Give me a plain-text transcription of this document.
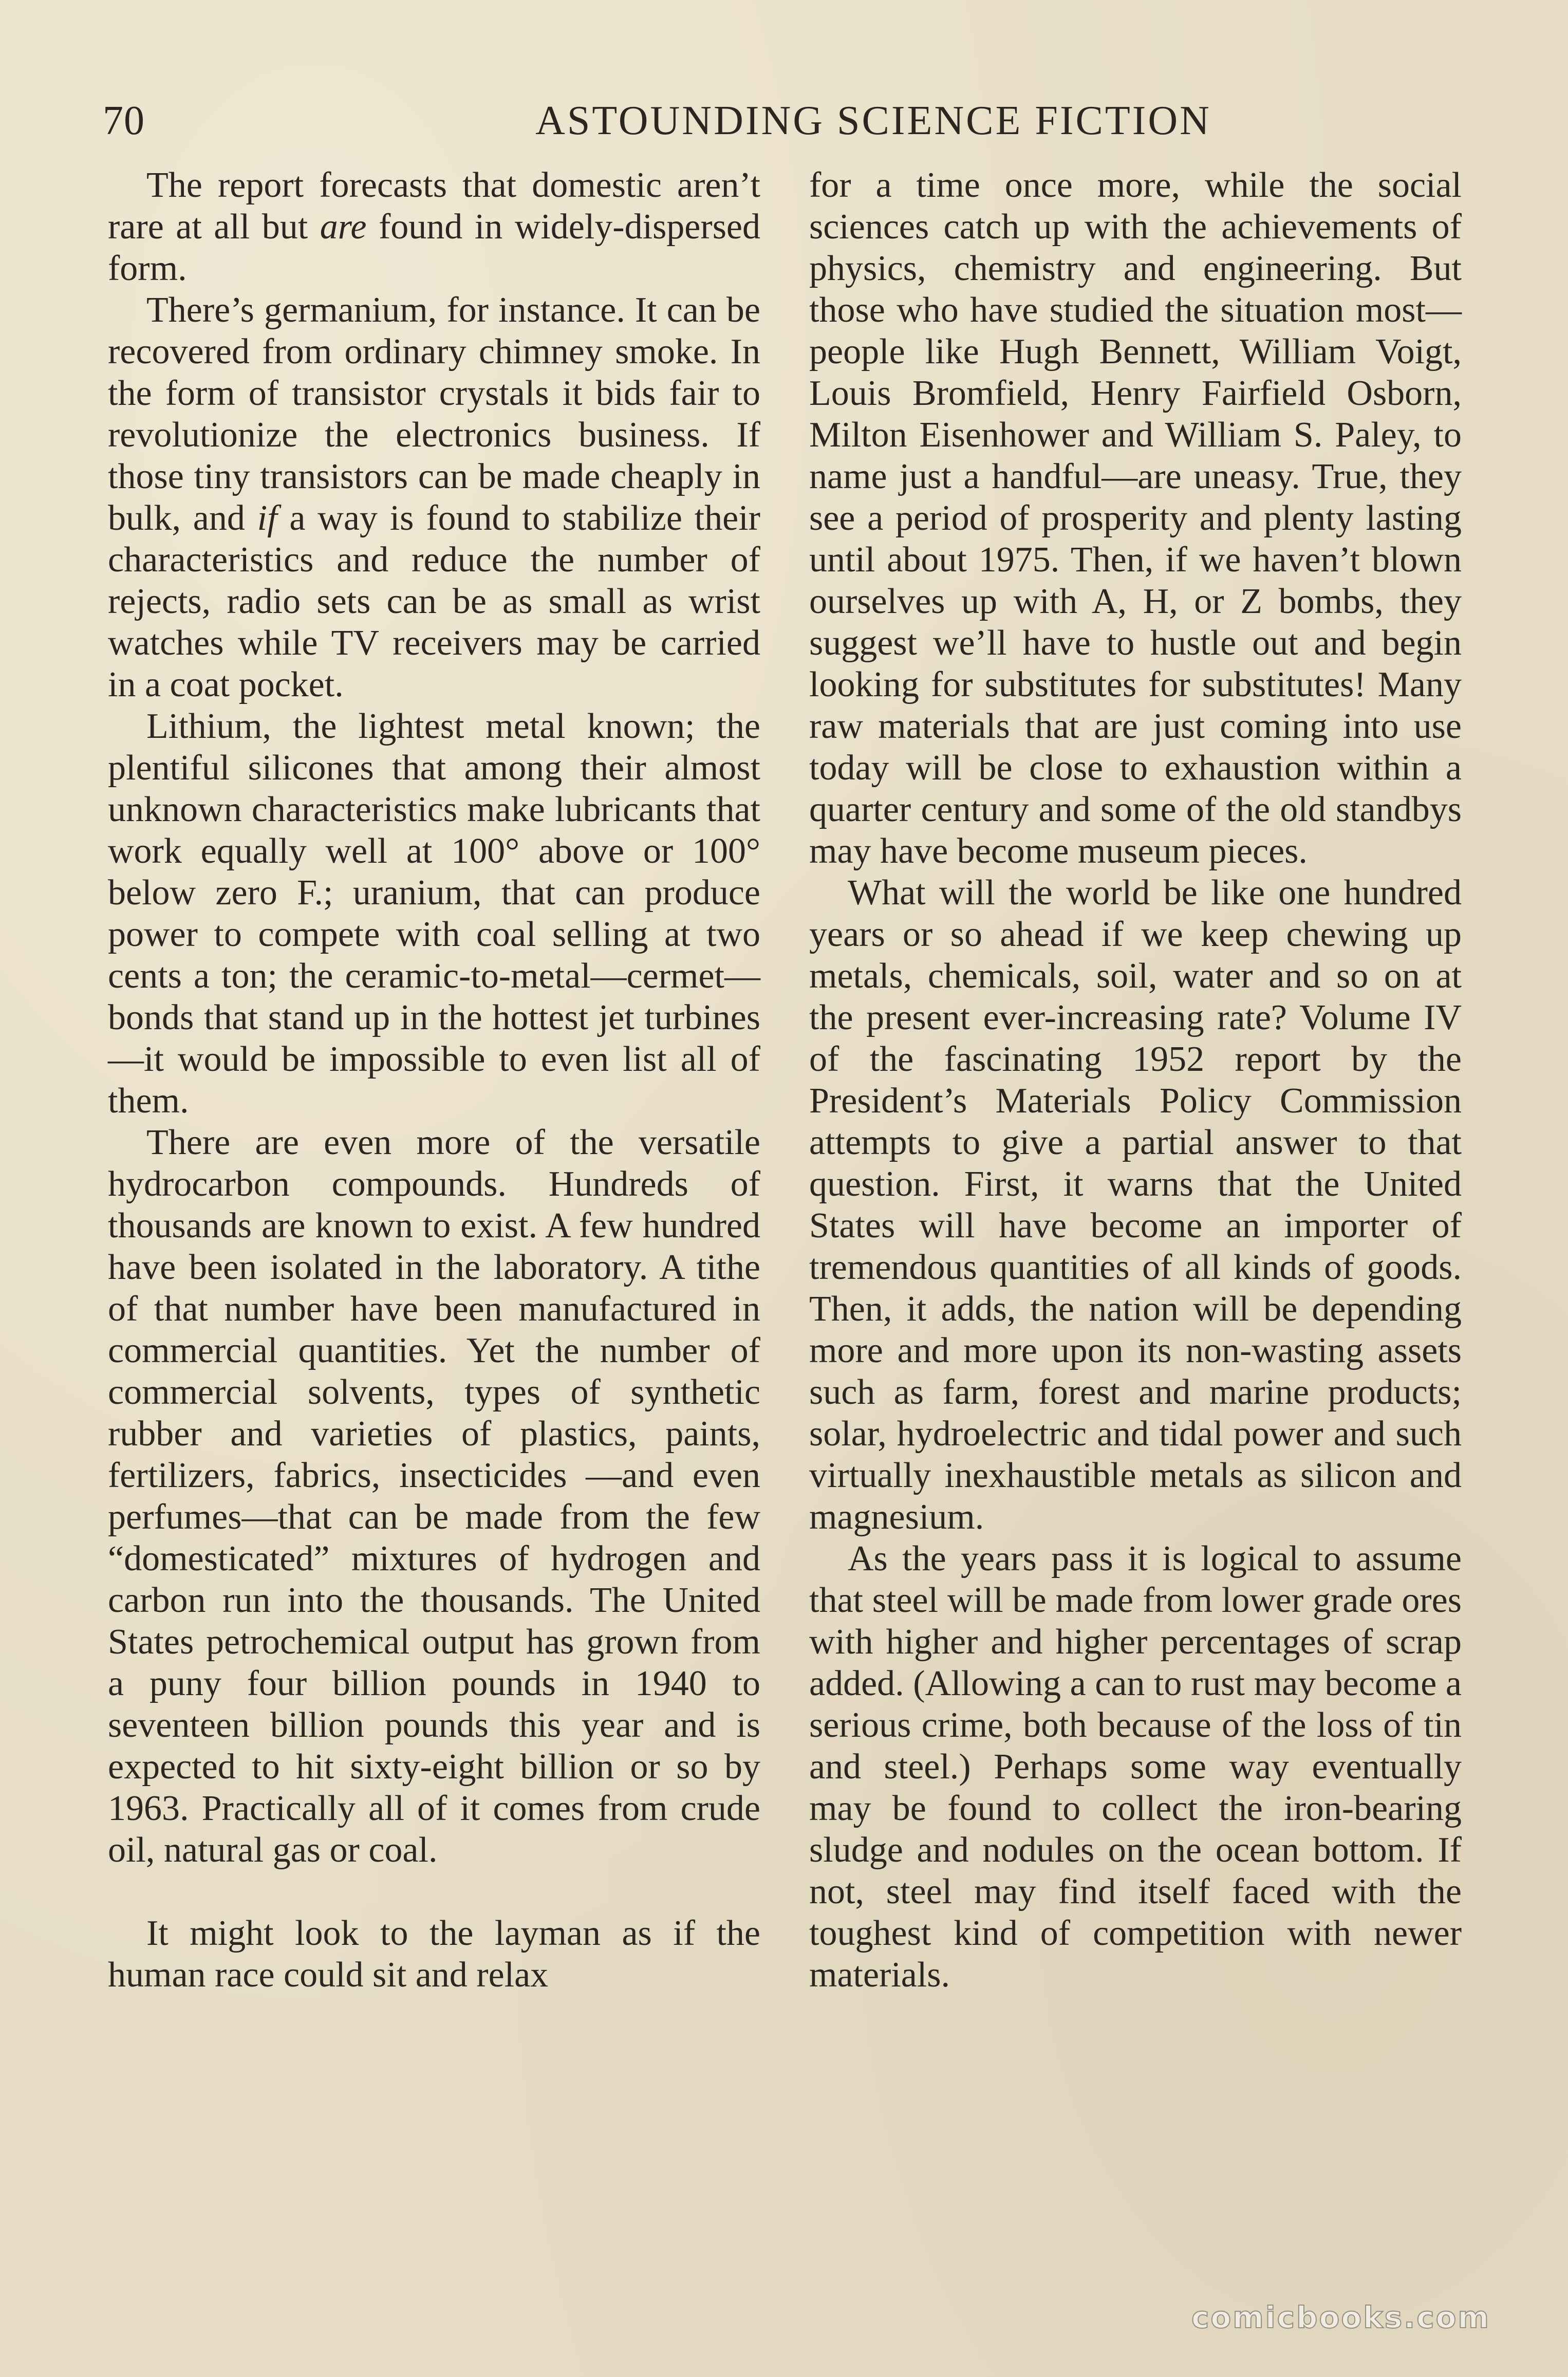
70	ASTOUNDING SCIENCE FICTION

The report forecasts that domestic aren’t rare at all but are found in widely-dispersed form.

There’s germanium, for instance. It can be recovered from ordinary chimney smoke. In the form of transistor crystals it bids fair to revolutionize the electronics business. If those tiny transistors can be made cheaply in bulk, and if a way is found to stabilize their characteristics and reduce the number of rejects, radio sets can be as small as wrist watches while TV receivers may be carried in a coat pocket.

Lithium, the lightest metal known; the plentiful silicones that among their almost unknown characteristics make lubricants that work equally well at 100° above or 100° below zero F.; uranium, that can produce power to compete with coal selling at two cents a ton; the ceramic-to-metal—cermet—bonds that stand up in the hottest jet turbines—it would be impossible to even list all of them.

There are even more of the versatile hydrocarbon compounds. Hundreds of thousands are known to exist. A few hundred have been isolated in the laboratory. A tithe of that number have been manufactured in commercial quantities. Yet the number of commercial solvents, types of synthetic rubber and varieties of plastics, paints, fertilizers, fabrics, insecticides —and even perfumes—that can be made from the few “domesticated” mixtures of hydrogen and carbon run into the thousands. The United States petrochemical output has grown from a puny four billion pounds in 1940 to seventeen billion pounds this year and is expected to hit sixty-eight billion or so by 1963. Practically all of it comes from crude oil, natural gas or coal.

It might look to the layman as if the human race could sit and relax

for a time once more, while the social sciences catch up with the achievements of physics, chemistry and engineering. But those who have studied the situation most—people like Hugh Bennett, William Voigt, Louis Bromfield, Henry Fairfield Osborn, Milton Eisenhower and William S. Paley, to name just a handful—are uneasy. True, they see a period of prosperity and plenty lasting until about 1975. Then, if we haven’t blown ourselves up with A, H, or Z bombs, they suggest we’ll have to hustle out and begin looking for substitutes for substitutes! Many raw materials that are just coming into use today will be close to exhaustion within a quarter century and some of the old standbys may have become museum pieces.

What will the world be like one hundred years or so ahead if we keep chewing up metals, chemicals, soil, water and so on at the present ever-increasing rate? Volume IV of the fascinating 1952 report by the President’s Materials Policy Commission attempts to give a partial answer to that question. First, it warns that the United States will have become an importer of tremendous quantities of all kinds of goods. Then, it adds, the nation will be depending more and more upon its non-wasting assets such as farm, forest and marine products; solar, hydroelectric and tidal power and such virtually inexhaustible metals as silicon and magnesium.

As the years pass it is logical to assume that steel will be made from lower grade ores with higher and higher percentages of scrap added. (Allowing a can to rust may become a serious crime, both because of the loss of tin and steel.) Perhaps some way eventually may be found to collect the iron-bearing sludge and nodules on the ocean bottom. If not, steel may find itself faced with the toughest kind of competition with newer materials.

comicbooks.com
